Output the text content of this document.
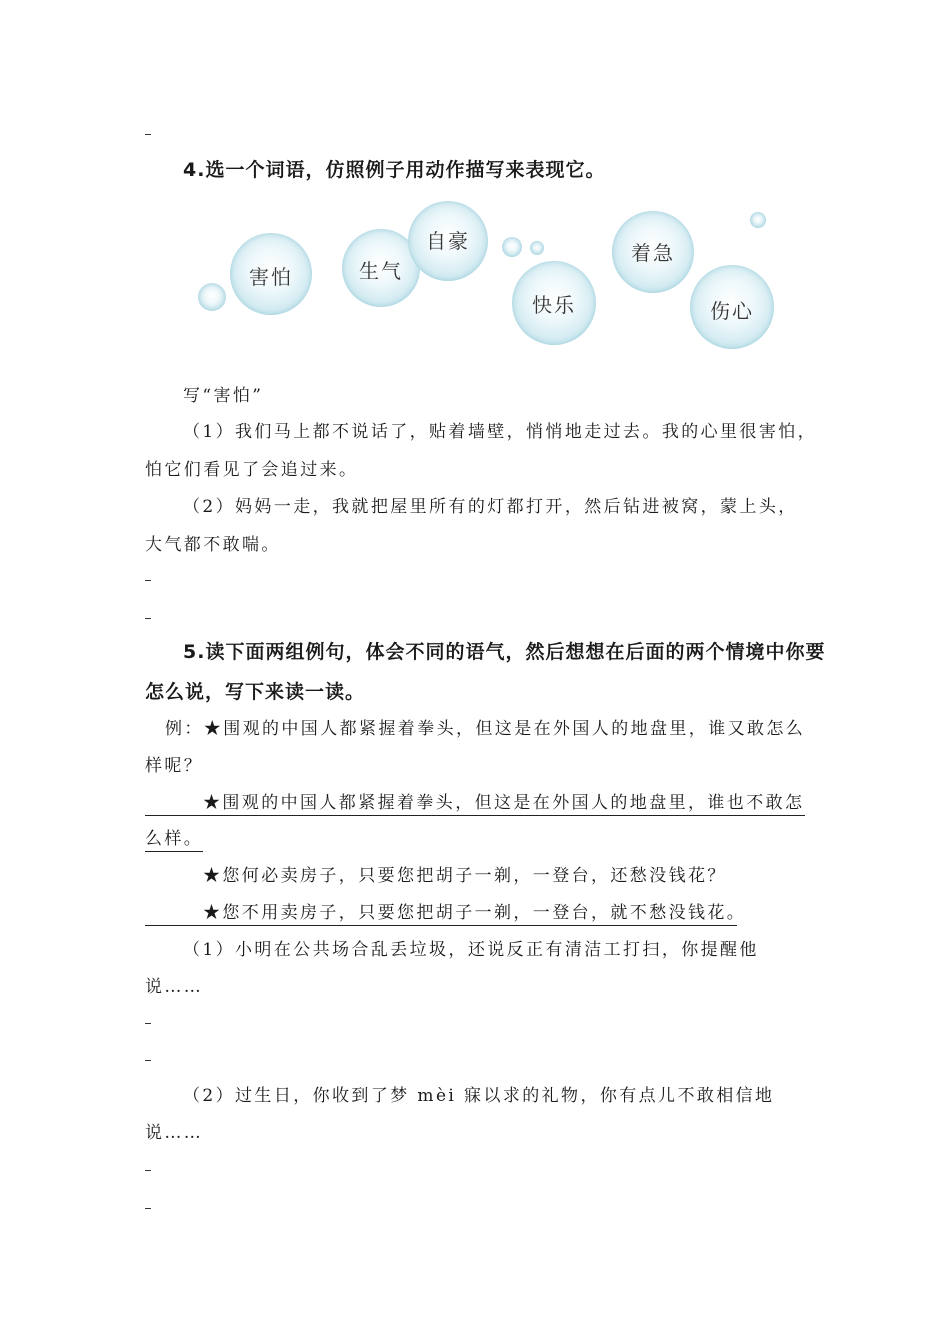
4.选一个词语，仿照例子用动作描写来表现它。
害怕	生气
自豪
快乐
着急
伤心
写“害怕”
（1）我们马上都不说话了，贴着墙壁，悄悄地走过去。我的心里很害怕，
怕它们看见了会追过来。
（2）妈妈一走，我就把屋里所有的灯都打开，然后钻进被窝，蒙上头，
大气都不敢喘。
5.读下面两组例句，体会不同的语气，然后想想在后面的两个情境中你要
怎么说，写下来读一读。
例：★围观的中国人都紧握着拳头，但这是在外国人的地盘里，谁又敢怎么
样呢？
★围观的中国人都紧握着拳头，但这是在外国人的地盘里，谁也不敢怎
么样。
★您何必卖房子，只要您把胡子一剃，一登台，还愁没钱花？
★您不用卖房子，只要您把胡子一剃，一登台，就不愁没钱花。
（1）小明在公共场合乱丢垃圾，还说反正有清洁工打扫，你提醒他
说……
（2）过生日，你收到了梦 mèi 寐以求的礼物，你有点儿不敢相信地
说……
